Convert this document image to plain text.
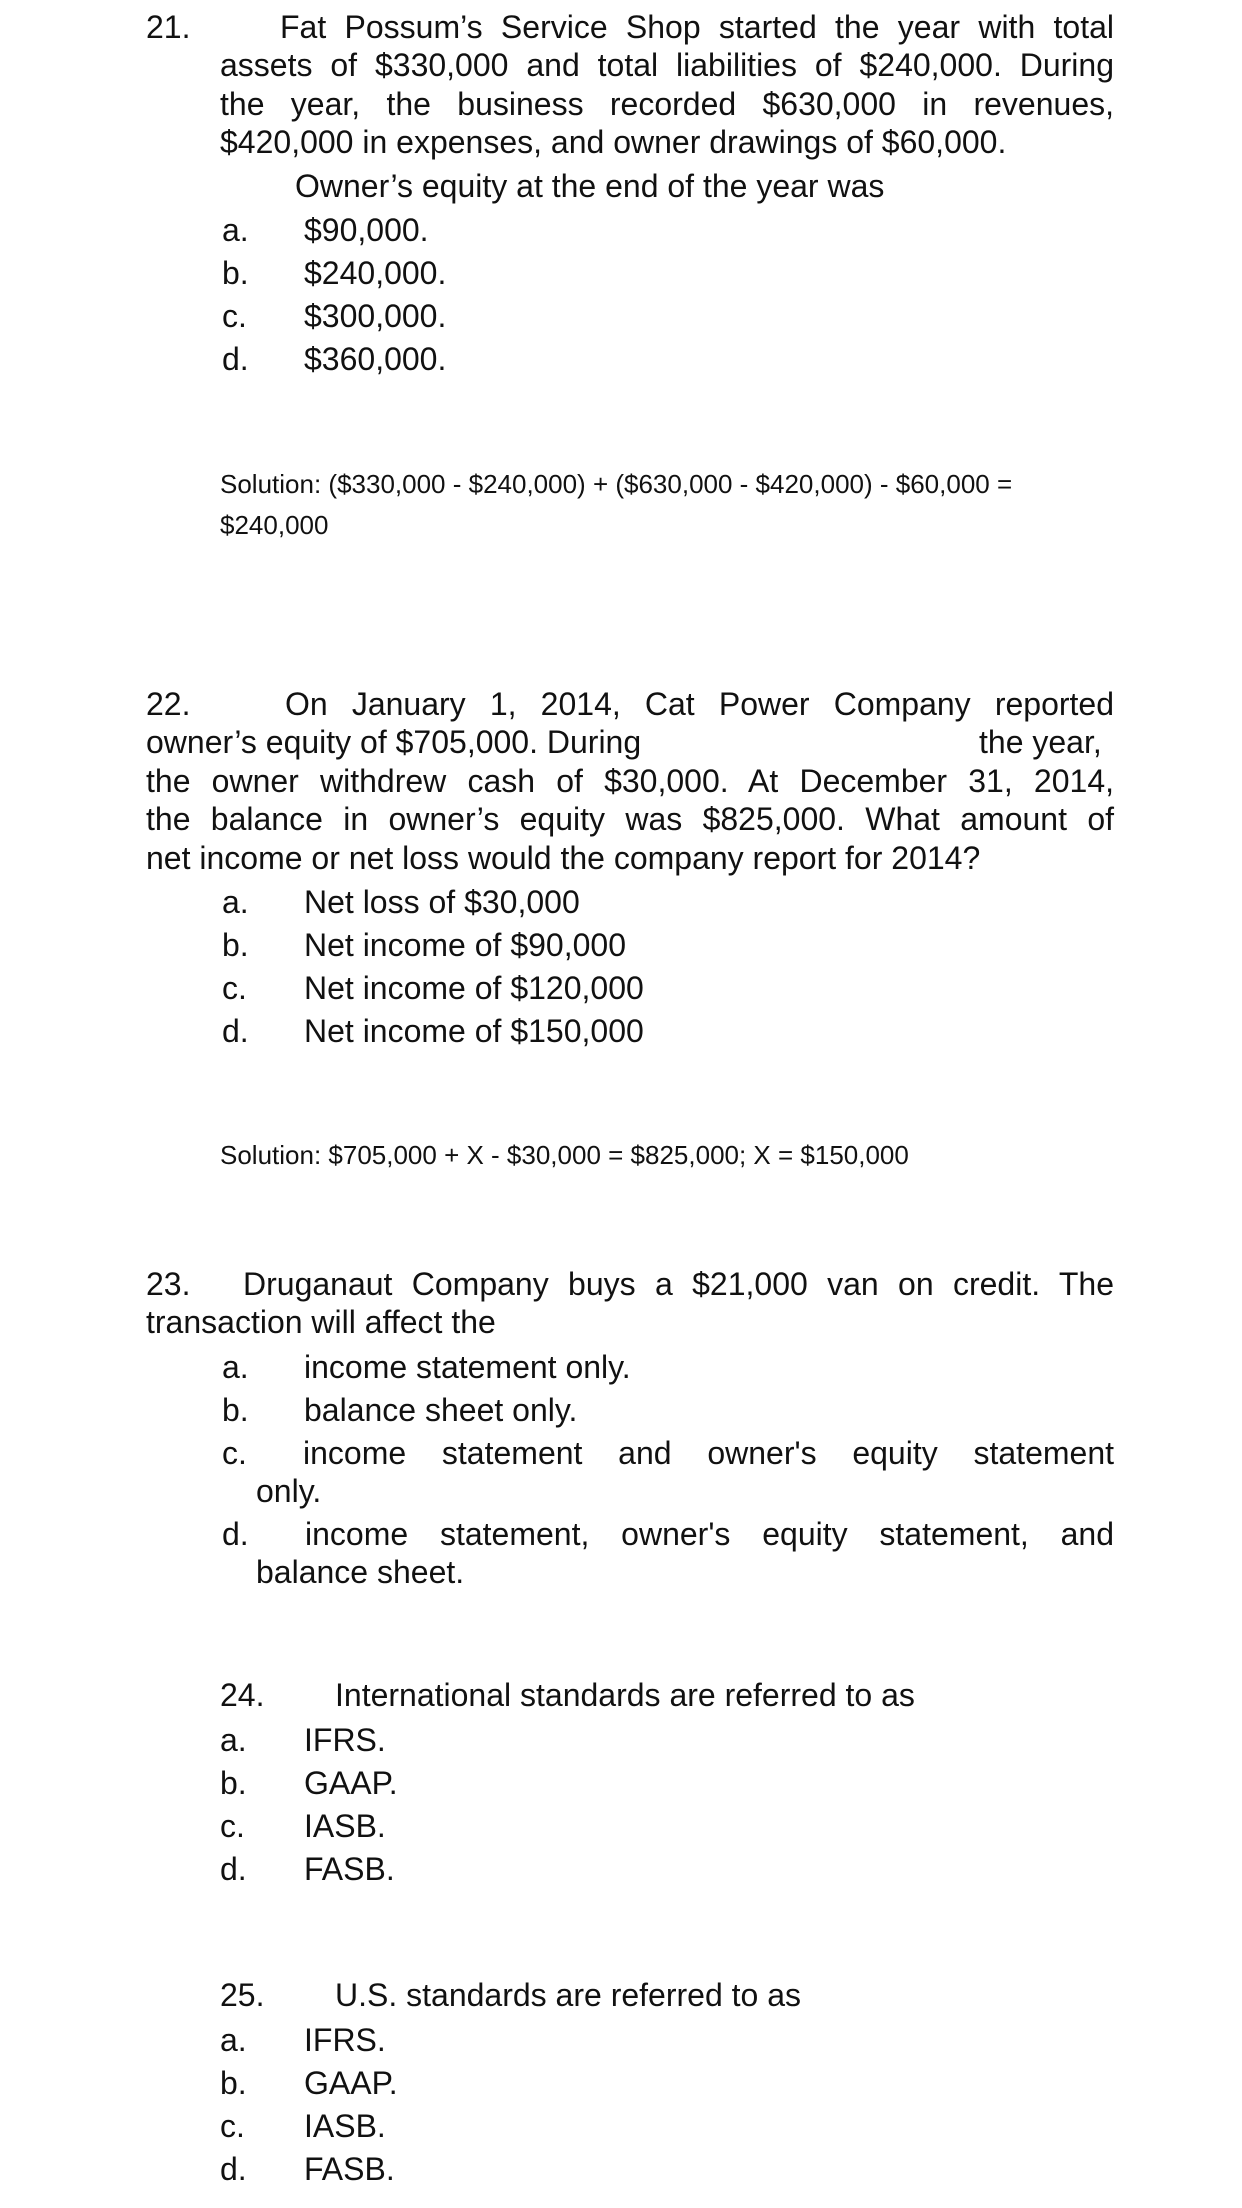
21.	Fat Possum’s Service Shop started the year with total
assets of $330,000 and total liabilities of $240,000. During
the year, the business recorded $630,000 in revenues,
$420,000 in expenses, and owner drawings of $60,000.
Owner’s equity at the end of the year was
a. $90,000.
b. $240,000.
c. $300,000.
d. $360,000.
Solution: ($330,000 - $240,000) + ($630,000 - $420,000) - $60,000 =
$240,000
22.	On January 1, 2014, Cat Power Company reported
owner’s equity of $705,000. During	the year,
the owner withdrew cash of $30,000. At December 31, 2014,
the balance in owner’s equity was $825,000. What amount of
net income or net loss would the company report for 2014?
a. Net loss of $30,000
b. Net income of $90,000
c. Net income of $120,000
d. Net income of $150,000
Solution: $705,000 + X - $30,000 = $825,000; X = $150,000
23. Druganaut Company buys a $21,000 van on credit. The
transaction will affect the
a. income statement only.
b. balance sheet only.
c. income statement and owner's equity statement
only.
d. income statement, owner's equity statement, and
balance sheet.
24. International standards are referred to as
a. IFRS.
b. GAAP.
c. IASB.
d. FASB.
25. U.S. standards are referred to as
a. IFRS.
b. GAAP.
c. IASB.
d. FASB.
